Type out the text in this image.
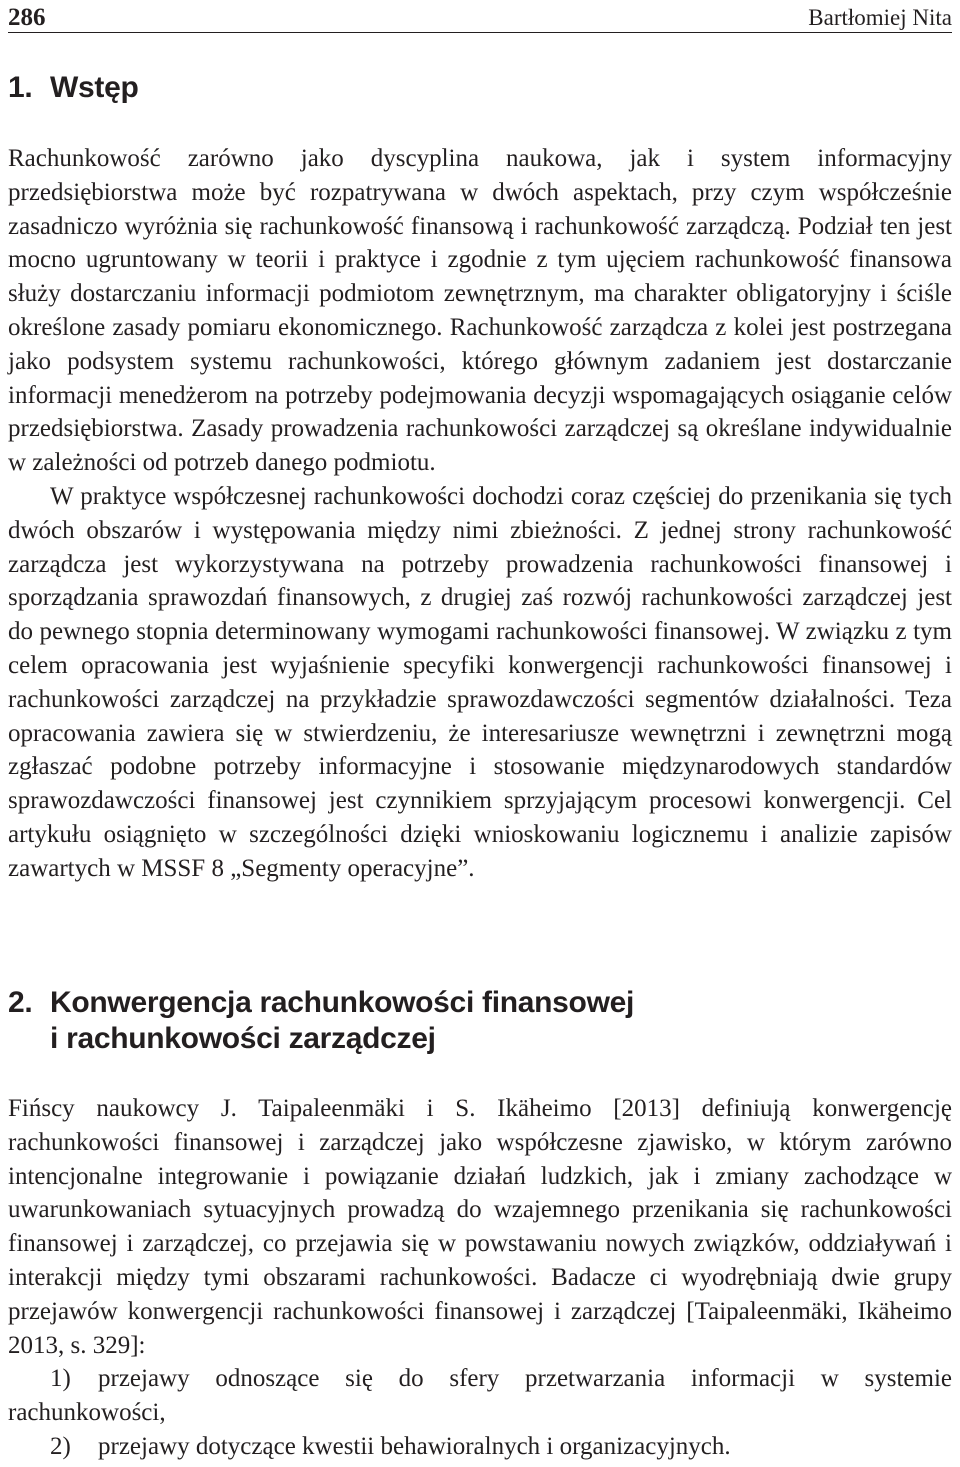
286	Bartłomiej Nita
1. Wstęp

Rachunkowość zarówno jako dyscyplina naukowa, jak i system informacyjny przedsiębiorstwa może być rozpatrywana w dwóch aspektach, przy czym współcześnie zasadniczo wyróżnia się rachunkowość finansową i rachunkowość zarządczą. Podział ten jest mocno ugruntowany w teorii i praktyce i zgodnie z tym ujęciem rachunkowość finansowa służy dostarczaniu informacji podmiotom zewnętrznym, ma charakter obligatoryjny i ściśle określone zasady pomiaru ekonomicznego. Rachunkowość zarządcza z kolei jest postrzegana jako podsystem systemu rachunkowości, którego głównym zadaniem jest dostarczanie informacji menedżerom na potrzeby podejmowania decyzji wspomagających osiąganie celów przedsiębiorstwa. Zasady prowadzenia rachunkowości zarządczej są określane indywidualnie w zależności od potrzeb danego podmiotu.

W praktyce współczesnej rachunkowości dochodzi coraz częściej do przenikania się tych dwóch obszarów i występowania między nimi zbieżności. Z jednej strony rachunkowość zarządcza jest wykorzystywana na potrzeby prowadzenia rachunkowości finansowej i sporządzania sprawozdań finansowych, z drugiej zaś rozwój rachunkowości zarządczej jest do pewnego stopnia determinowany wymogami rachunkowości finansowej. W związku z tym celem opracowania jest wyjaśnienie specyfiki konwergencji rachunkowości finansowej i rachunkowości zarządczej na przykładzie sprawozdawczości segmentów działalności. Teza opracowania zawiera się w stwierdzeniu, że interesariusze wewnętrzni i zewnętrzni mogą zgłaszać podobne potrzeby informacyjne i stosowanie międzynarodowych standardów sprawozdawczości finansowej jest czynnikiem sprzyjającym procesowi konwergencji. Cel artykułu osiągnięto w szczególności dzięki wnioskowaniu logicznemu i analizie zapisów zawartych w MSSF 8 „Segmenty operacyjne”.

2. Konwergencja rachunkowości finansowej
i rachunkowości zarządczej

Fińscy naukowcy J. Taipaleenmäki i S. Ikäheimo [2013] definiują konwergencję rachunkowości finansowej i zarządczej jako współczesne zjawisko, w którym zarówno intencjonalne integrowanie i powiązanie działań ludzkich, jak i zmiany zachodzące w uwarunkowaniach sytuacyjnych prowadzą do wzajemnego przenikania się rachunkowości finansowej i zarządczej, co przejawia się w powstawaniu nowych związków, oddziaływań i interakcji między tymi obszarami rachunkowości. Badacze ci wyodrębniają dwie grupy przejawów konwergencji rachunkowości finansowej i zarządczej [Taipaleenmäki, Ikäheimo 2013, s. 329]:

1) przejawy odnoszące się do sfery przetwarzania informacji w systemie rachunkowości,
2) przejawy dotyczące kwestii behawioralnych i organizacyjnych.
